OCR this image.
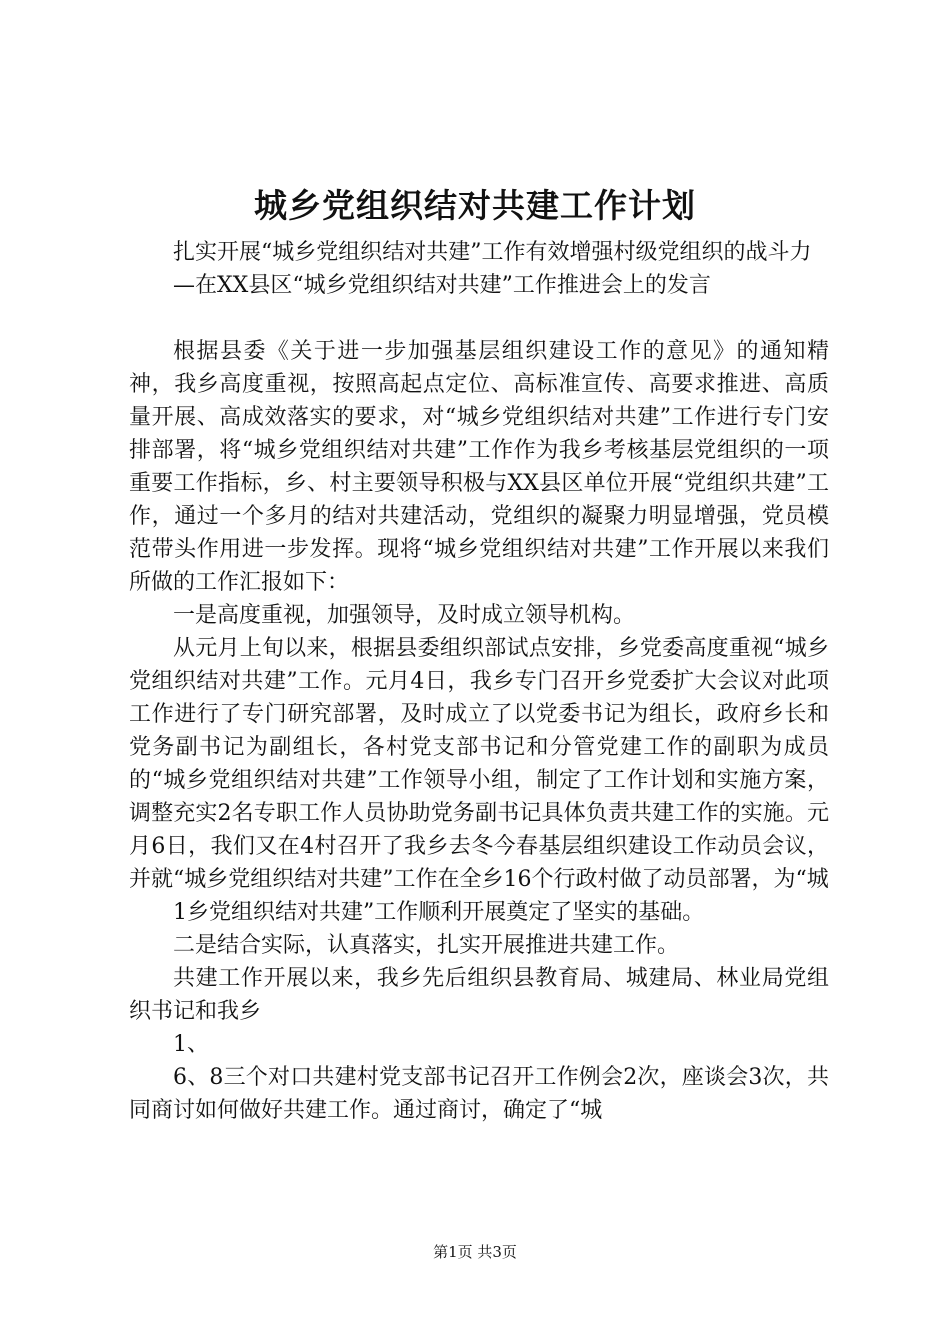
城乡党组织结对共建工作计划

扎实开展“城乡党组织结对共建”工作有效增强村级党组织的战斗力

—在XX县区“城乡党组织结对共建”工作推进会上的发言

根据县委《关于进一步加强基层组织建设工作的意见》的通知精神，我乡高度重视，按照高起点定位、高标准宣传、高要求推进、高质量开展、高成效落实的要求，对“城乡党组织结对共建”工作进行专门安排部署，将“城乡党组织结对共建”工作作为我乡考核基层党组织的一项重要工作指标，乡、村主要领导积极与XX县区单位开展“党组织共建”工作，通过一个多月的结对共建活动，党组织的凝聚力明显增强，党员模范带头作用进一步发挥。现将“城乡党组织结对共建”工作开展以来我们所做的工作汇报如下：

一是高度重视，加强领导，及时成立领导机构。

从元月上旬以来，根据县委组织部试点安排，乡党委高度重视“城乡党组织结对共建”工作。元月4日，我乡专门召开乡党委扩大会议对此项工作进行了专门研究部署，及时成立了以党委书记为组长，政府乡长和党务副书记为副组长，各村党支部书记和分管党建工作的副职为成员的“城乡党组织结对共建”工作领导小组，制定了工作计划和实施方案，调整充实2名专职工作人员协助党务副书记具体负责共建工作的实施。元月6日，我们又在4村召开了我乡去冬今春基层组织建设工作动员会议，并就“城乡党组织结对共建”工作在全乡16个行政村做了动员部署，为“城

1乡党组织结对共建”工作顺利开展奠定了坚实的基础。

二是结合实际，认真落实，扎实开展推进共建工作。

共建工作开展以来，我乡先后组织县教育局、城建局、林业局党组织书记和我乡

1、

6、8三个对口共建村党支部书记召开工作例会2次，座谈会3次，共同商讨如何做好共建工作。通过商讨，确定了“城

第1页 共3页
